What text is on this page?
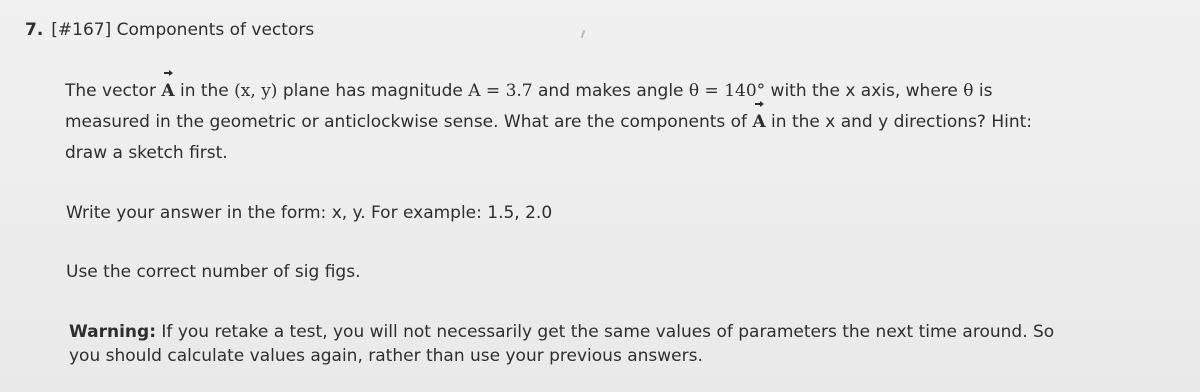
7. [#167] Components of vectors
The vector A in the (x, y) plane has magnitude A = 3.7 and makes angle θ = 140° with the x axis, where θ is
measured in the geometric or anticlockwise sense. What are the components of A in the x and y directions? Hint:
draw a sketch first.
Write your answer in the form: x, y. For example: 1.5, 2.0
Use the correct number of sig figs.
Warning: If you retake a test, you will not necessarily get the same values of parameters the next time around. So
you should calculate values again, rather than use your previous answers.
